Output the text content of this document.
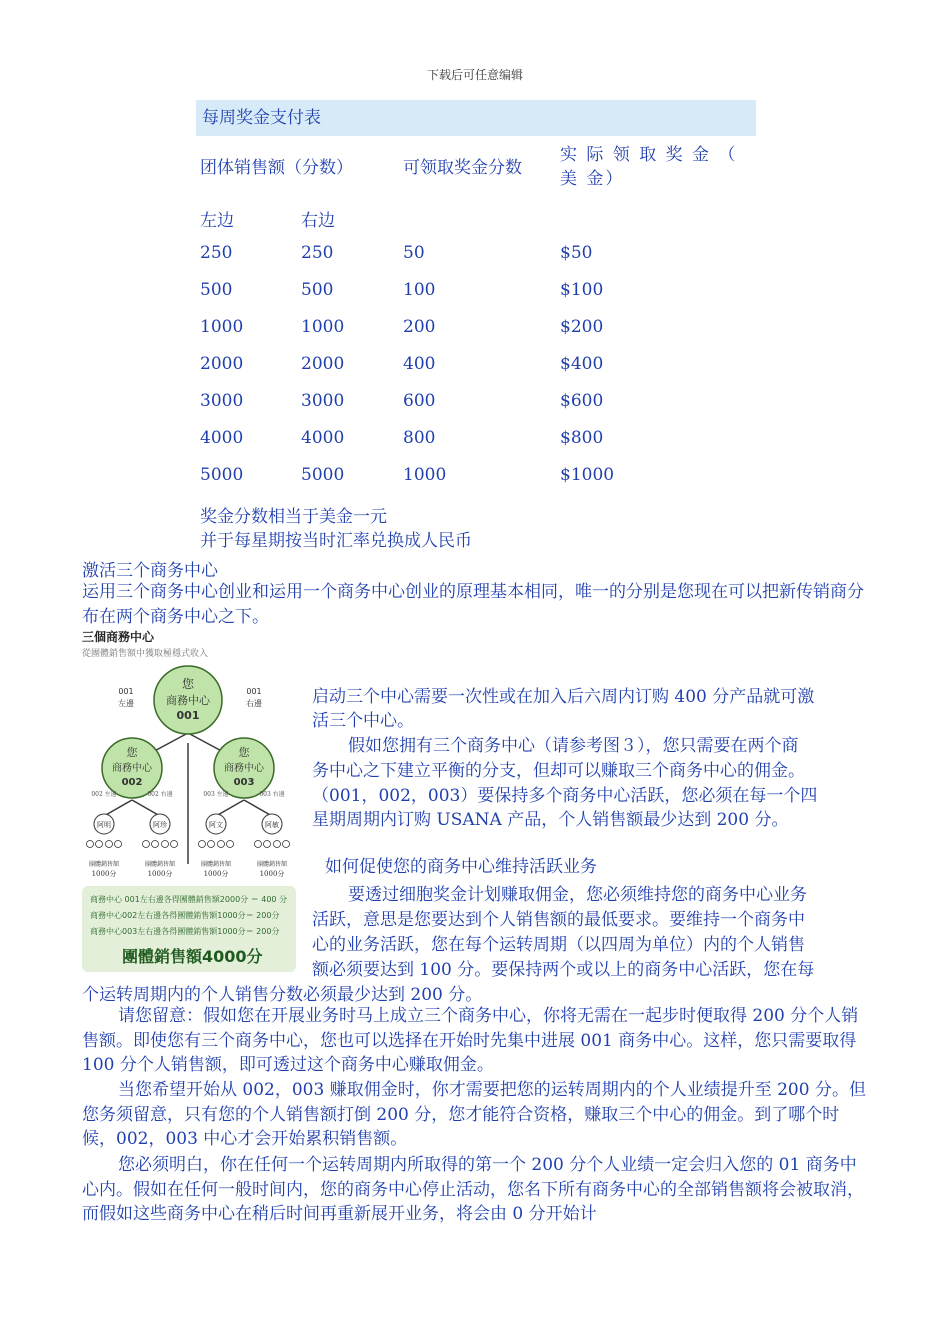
下载后可任意编辑
每周奖金支付表
团体销售额（分数）	可领取奖金分数
实 际 领 取 奖 金 （ 美 金）
左边	右边
250	250	50	$50
500	500	100	$100
1000	1000	200	$200
2000	2000	400	$400
3000	3000	600	$600
4000	4000	800	$800
5000	5000	1000	$1000
奖金分数相当于美金一元
并于每星期按当时汇率兑换成人民币
激活三个商务中心
运用三个商务中心创业和运用一个商务中心创业的原理基本相同，唯一的分别是您现在可以把新传销商分布在两个商务中心之下。
三個商務中心
從團體銷售額中獲取極穩式收入
您
商務中心
001
您
商務中心
002
您
商務中心
003
001
左邊
001
右邊
002 左邊
阿明
團體銷售額
1000分
002 右邊
阿珍
團體銷售額
1000分
003 左邊
阿文
團體銷售額
1000分
003 右邊
阿敏
團體銷售額
1000分
商務中心 001左右邊各得團體銷售額2000分 ＝ 400 分
商務中心002左右邊各得團體銷售額1000分＝ 200分
商務中心003左右邊各得團體銷售額1000分＝ 200分
團體銷售額4000分
启动三个中心需要一次性或在加入后六周内订购 400 分产品就可激
活三个中心。
假如您拥有三个商务中心（请参考图３），您只需要在两个商
务中心之下建立平衡的分支，但却可以赚取三个商务中心的佣金。
（001，002，003）要保持多个商务中心活跃，您必须在每一个四
星期周期内订购 USANA 产品，个人销售额最少达到 200 分。
如何促使您的商务中心维持活跃业务
要透过细胞奖金计划赚取佣金，您必须维持您的商务中心业务
活跃，意思是您要达到个人销售额的最低要求。要维持一个商务中
心的业务活跃，您在每个运转周期（以四周为单位）内的个人销售
额必须要达到 100 分。要保持两个或以上的商务中心活跃，您在每
个运转周期内的个人销售分数必须最少达到 200 分。
请您留意：假如您在开展业务时马上成立三个商务中心，你将无需在一起步时便取得 200 分个人销售额。即使您有三个商务中心，您也可以选择在开始时先集中进展 001 商务中心。这样，您只需要取得 100 分个人销售额，即可透过这个商务中心赚取佣金。
当您希望开始从 002，003 赚取佣金时，你才需要把您的运转周期内的个人业绩提升至 200 分。但您务须留意，只有您的个人销售额打倒 200 分，您才能符合资格，赚取三个中心的佣金。到了哪个时候，002，003 中心才会开始累积销售额。
您必须明白，你在任何一个运转周期内所取得的第一个 200 分个人业绩一定会归入您的 01 商务中心内。假如在任何一般时间内，您的商务中心停止活动，您名下所有商务中心的全部销售额将会被取消，而假如这些商务中心在稍后时间再重新展开业务，将会由 0 分开始计
